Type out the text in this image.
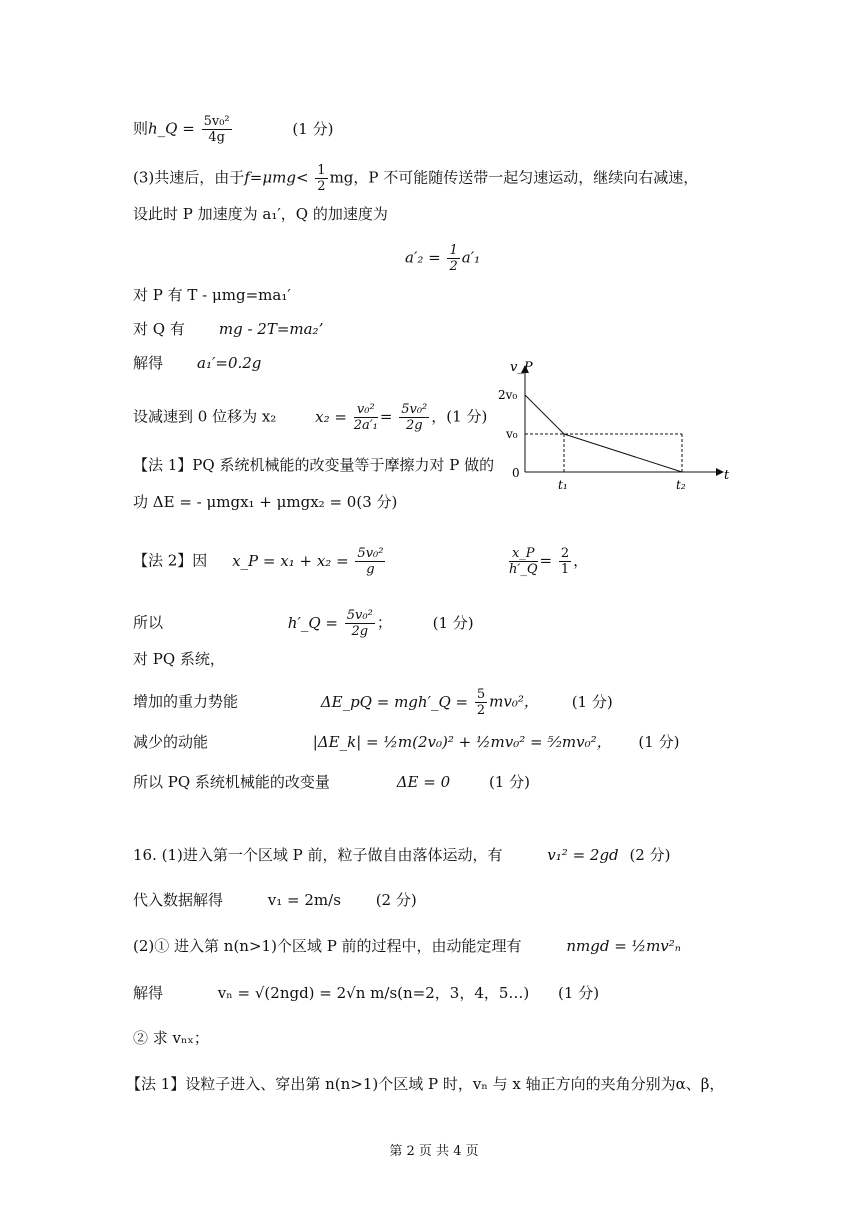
则h_Q = $\frac{\text{5v₀²}}{4g}$	(1 分)
(3)共速后，由于$f=\mu mg< \frac{1}{2}$ mg，P 不可能随传送带一起匀速运动，继续向右减速，
设此时 P 加速度为 a₁′，Q 的加速度为
$a'_2 = \frac{1}{2} a'_1$
对 P 有 T - μmg=ma₁′
对 Q 有 mg - 2T=ma₂’
解得 a₁′=0.2g
设减速到 0 位移为 x₂	$x_2 = \frac{\text{v₀²}}{\text{2a′₁}} = \frac{\text{5v₀²}}{2g}$ ，(1 分)
【法 1】PQ 系统机械能的改变量等于摩擦力对 P 做的
功 ΔE = - μmgx₁ + μmgx₂ = 0(3 分)
【法 2】因 x_P = $x_1 + x_2 = \frac{\text{5v₀²}}{g}$
	$\frac{x\_P}{h'\_Q} = \frac{2}{1}$ ，
所以	h′_Q = $\frac{\text{5v₀²}}{2g}$ ； (1 分)
对 PQ 系统，
增加的重力势能	ΔE_pQ = mgh′_Q = $\frac{5}{2} mv_0^2$， (1 分)
减少的动能	|ΔE_k| = ½m(2v₀)² + ½mv₀² = ⁵⁄₂mv₀²， (1 分)
所以 PQ 系统机械能的改变量	ΔE = 0	(1 分)
16. (1)进入第一个区域 P 前，粒子做自由落体运动，有	v₁² = 2gd (2 分)
代入数据解得	v₁ = 2m/s (2 分)
(2)① 进入第 n(n>1)个区域 P 前的过程中，由动能定理有	nmgd = ½mv²ₙ
解得	vₙ = √(2ngd) = 2√n m/s(n=2，3，4，5…) (1 分)
② 求 vₙₓ；
【法 1】设粒子进入、穿出第 n(n>1)个区域 P 时，vₙ 与 x 轴正方向的夹角分别为α、β，
v_P
t
2v₀
v₀
0
t₁	t₂
第 2 页 共 4 页
